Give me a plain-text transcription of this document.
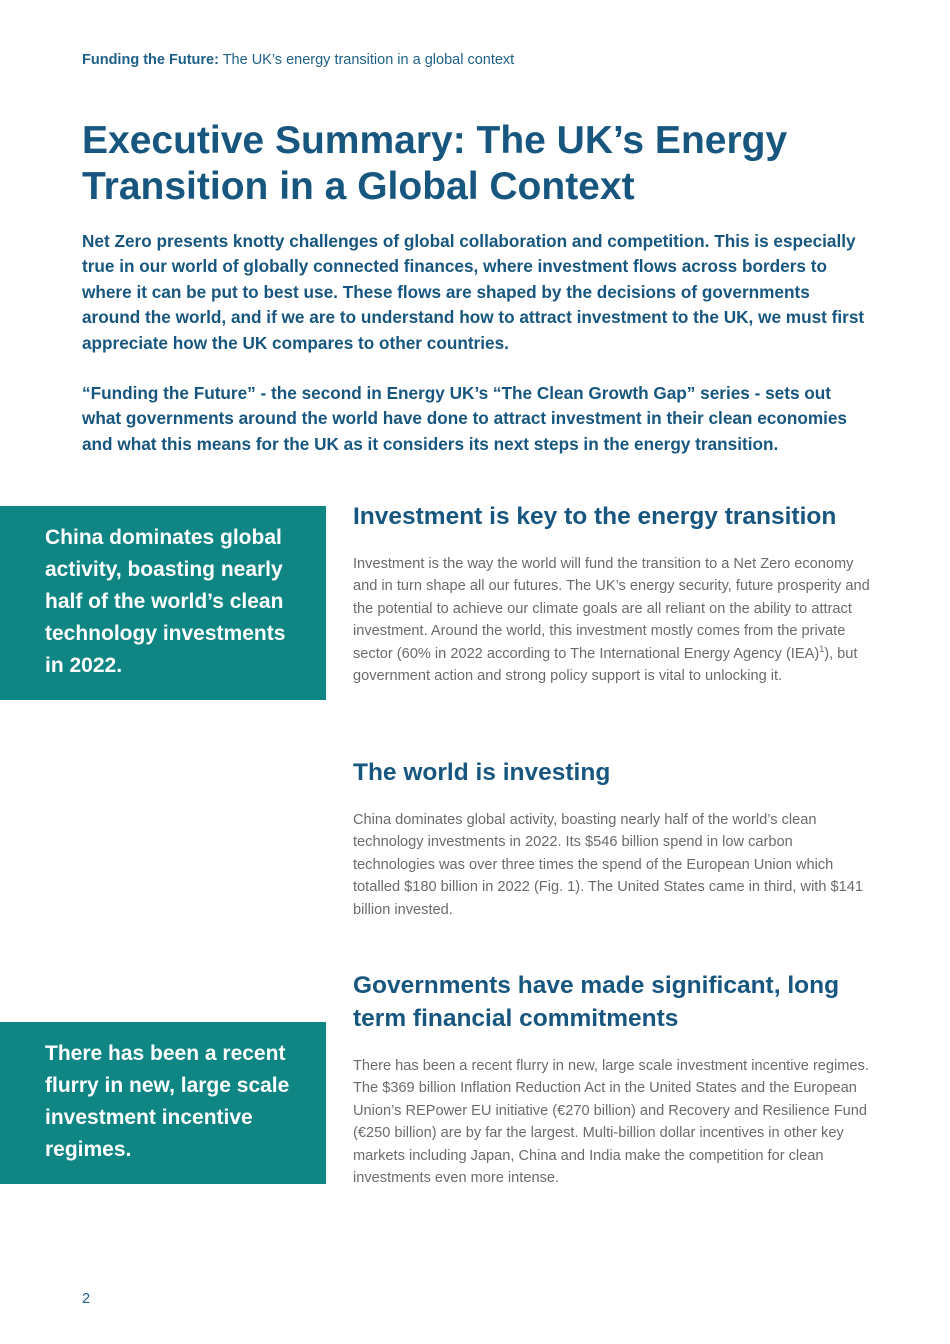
Funding the Future: The UK’s energy transition in a global context
Executive Summary: The UK’s Energy Transition in a Global Context

Net Zero presents knotty challenges of global collaboration and competition. This is especially true in our world of globally connected finances, where investment flows across borders to where it can be put to best use. These flows are shaped by the decisions of governments around the world, and if we are to understand how to attract investment to the UK, we must first appreciate how the UK compares to other countries.

“Funding the Future” - the second in Energy UK’s “The Clean Growth Gap” series - sets out what governments around the world have done to attract investment in their clean economies and what this means for the UK as it considers its next steps in the energy transition.

China dominates global activity, boasting nearly half of the world’s clean technology investments in 2022.
There has been a recent flurry in new, large scale investment incentive regimes.
Investment is key to the energy transition

Investment is the way the world will fund the transition to a Net Zero economy and in turn shape all our futures. The UK’s energy security, future prosperity and the potential to achieve our climate goals are all reliant on the ability to attract investment. Around the world, this investment mostly comes from the private sector (60% in 2022 according to The International Energy Agency (IEA)$^1$), but government action and strong policy support is vital to unlocking it.

The world is investing

China dominates global activity, boasting nearly half of the world’s clean technology investments in 2022. Its $546 billion spend in low carbon technologies was over three times the spend of the European Union which totalled $180 billion in 2022 (Fig. 1). The United States came in third, with $141 billion invested.

Governments have made significant, long term financial commitments

There has been a recent flurry in new, large scale investment incentive regimes. The $369 billion Inflation Reduction Act in the United States and the European Union’s REPower EU initiative (€270 billion) and Recovery and Resilience Fund (€250 billion) are by far the largest. Multi-billion dollar incentives in other key markets including Japan, China and India make the competition for clean investments even more intense.

2
